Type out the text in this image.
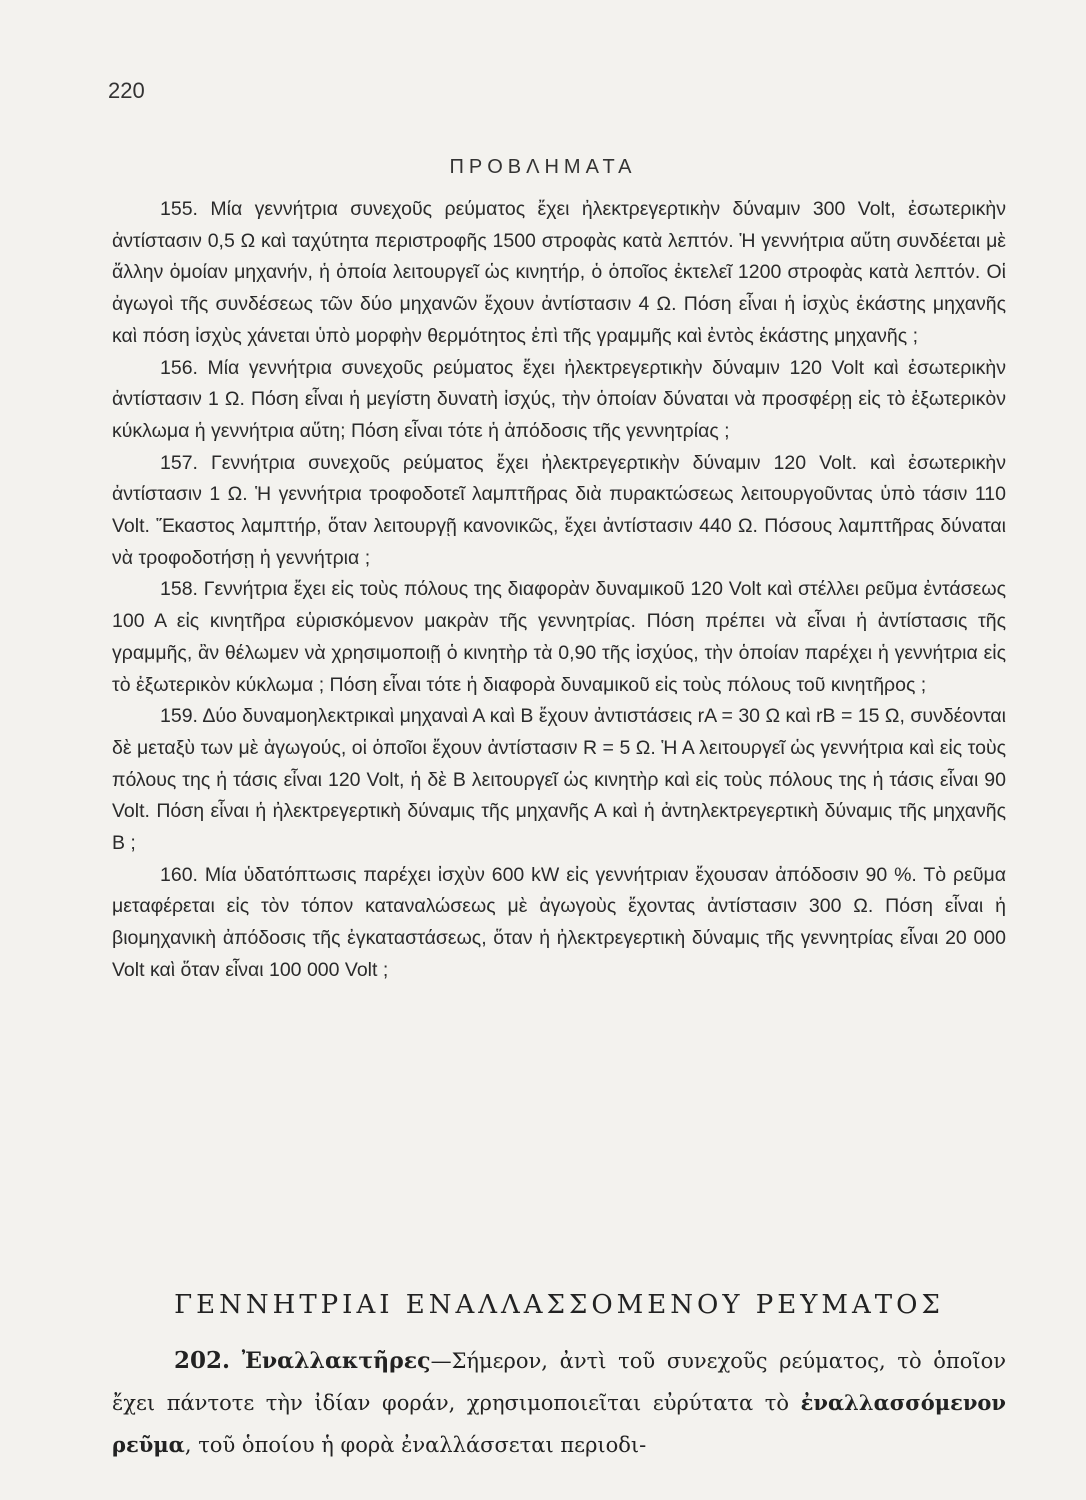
220
ΠΡΟΒΛΗΜΑΤΑ

155. Μία γεννήτρια συνεχοῦς ρεύματος ἔχει ἠλεκτρεγερτικὴν δύναμιν 300 Volt, ἐσωτερικὴν ἀντίστασιν 0,5 Ω καὶ ταχύτητα περιστροφῆς 1500 στροφὰς κατὰ λεπτόν. Ἡ γεννήτρια αὕτη συνδέεται μὲ ἄλλην ὁμοίαν μηχανήν, ἡ ὁποία λειτουργεῖ ὡς κινητήρ, ὁ ὁποῖος ἐκτελεῖ 1200 στροφὰς κατὰ λεπτόν. Οἱ ἀγωγοὶ τῆς συνδέσεως τῶν δύο μηχανῶν ἔχουν ἀντίστασιν 4 Ω. Πόση εἶναι ἡ ἰσχὺς ἑκάστης μηχανῆς καὶ πόση ἰσχὺς χάνεται ὑπὸ μορφὴν θερμότητος ἐπὶ τῆς γραμμῆς καὶ ἐντὸς ἑκάστης μηχανῆς ;

156. Μία γεννήτρια συνεχοῦς ρεύματος ἔχει ἠλεκτρεγερτικὴν δύναμιν 120 Volt καὶ ἐσωτερικὴν ἀντίστασιν 1 Ω. Πόση εἶναι ἡ μεγίστη δυνατὴ ἰσχύς, τὴν ὁποίαν δύναται νὰ προσφέρῃ εἰς τὸ ἐξωτερικὸν κύκλωμα ἡ γεννήτρια αὕτη; Πόση εἶναι τότε ἡ ἀπόδοσις τῆς γεννητρίας ;

157. Γεννήτρια συνεχοῦς ρεύματος ἔχει ἠλεκτρεγερτικὴν δύναμιν 120 Volt. καὶ ἐσωτερικὴν ἀντίστασιν 1 Ω. Ἡ γεννήτρια τροφοδοτεῖ λαμπτῆρας διὰ πυρακτώσεως λειτουργοῦντας ὑπὸ τάσιν 110 Volt. Ἕκαστος λαμπτήρ, ὅταν λειτουργῇ κανονικῶς, ἔχει ἀντίστασιν 440 Ω. Πόσους λαμπτῆρας δύναται νὰ τροφοδοτήσῃ ἡ γεννήτρια ;

158. Γεννήτρια ἔχει εἰς τοὺς πόλους της διαφορὰν δυναμικοῦ 120 Volt καὶ στέλλει ρεῦμα ἐντάσεως 100 Α εἰς κινητῆρα εὑρισκόμενον μακρὰν τῆς γεννητρίας. Πόση πρέπει νὰ εἶναι ἡ ἀντίστασις τῆς γραμμῆς, ἂν θέλωμεν νὰ χρησιμοποιῇ ὁ κινητὴρ τὰ 0,90 τῆς ἰσχύος, τὴν ὁποίαν παρέχει ἡ γεννήτρια εἰς τὸ ἐξωτερικὸν κύκλωμα ; Πόση εἶναι τότε ἡ διαφορὰ δυναμικοῦ εἰς τοὺς πόλους τοῦ κινητῆρος ;

159. Δύο δυναμοηλεκτρικαὶ μηχαναὶ Α καὶ Β ἔχουν ἀντιστάσεις rA = 30 Ω καὶ rB = 15 Ω, συνδέονται δὲ μεταξὺ των μὲ ἀγωγούς, οἱ ὁποῖοι ἔχουν ἀντίστασιν R = 5 Ω. Ἡ Α λειτουργεῖ ὡς γεννήτρια καὶ εἰς τοὺς πόλους της ἡ τάσις εἶναι 120 Volt, ἡ δὲ Β λειτουργεῖ ὡς κινητὴρ καὶ εἰς τοὺς πόλους της ἡ τάσις εἶναι 90 Volt. Πόση εἶναι ἡ ἠλεκτρεγερτικὴ δύναμις τῆς μηχανῆς Α καὶ ἡ ἀντηλεκτρεγερτικὴ δύναμις τῆς μηχανῆς Β ;

160. Μία ὑδατόπτωσις παρέχει ἰσχὺν 600 kW εἰς γεννήτριαν ἔχουσαν ἀπόδοσιν 90 %. Τὸ ρεῦμα μεταφέρεται εἰς τὸν τόπον καταναλώσεως μὲ ἀγωγοὺς ἔχοντας ἀντίστασιν 300 Ω. Πόση εἶναι ἡ βιομηχανικὴ ἀπόδοσις τῆς ἐγκαταστάσεως, ὅταν ἡ ἠλεκτρεγερτικὴ δύναμις τῆς γεννητρίας εἶναι 20 000 Volt καὶ ὅταν εἶναι 100 000 Volt ;

ΓΕΝΝΗΤΡΙΑΙ ΕΝΑΛΛΑΣΣΟΜΕΝΟΥ ΡΕΥΜΑΤΟΣ

202. Ἐναλλακτῆρες—Σήμερον, ἀντὶ τοῦ συνεχοῦς ρεύματος, τὸ ὁποῖον ἔχει πάντοτε τὴν ἰδίαν φοράν, χρησιμοποιεῖται εὐρύτατα τὸ ἐναλλασσόμενον ρεῦμα, τοῦ ὁποίου ἡ φορὰ ἐναλλάσσεται περιοδι-
